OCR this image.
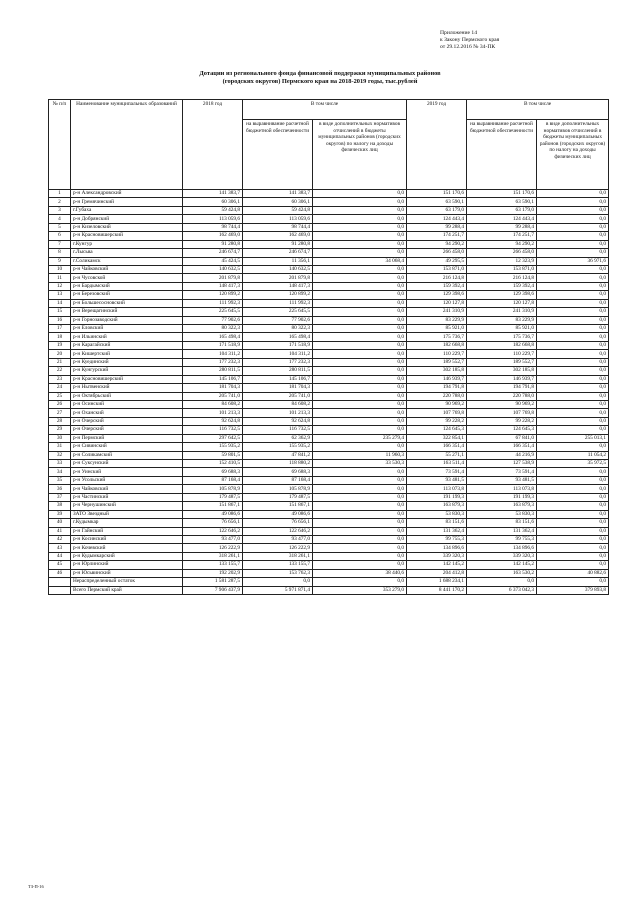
Приложение 14
к Закону Пермского края
от 29.12.2016 № 34-ПК
Дотации из регионального фонда финансовой поддержки муниципальных районов
(городских округов) Пермского края на 2018-2019 годы, тыс.рублей
№ п/п	Наименование муниципальных образований	2018 год	В том числе		2019 год	В том числе	
			на выравнивание расчетной бюджетной обеспеченности	в виде дополнительных нормативов отчислений в бюджеты муниципальных районов (городских округов) по налогу на доходы физических лиц		на выравнивание расчетной бюджетной обеспеченности	в виде дополнительных нормативов отчислений в бюджеты муниципальных районов (городских округов) по налогу на доходы физических лиц
1	р-н Александровский	141 383,7	141 383,7	0,0	151 170,6	151 170,6	0,0
2	р-н Гремячинский	60 306,1	60 306,1	0,0	63 590,1	63 590,1	0,0
3	г.Губаха	59 424,8	59 424,8	0,0	63 179,0	63 179,0	0,0
4	р-н Добрянский	113 059,6	113 059,6	0,0	124 443,4	124 443,4	0,0
5	р-н Кизеловский	98 744,4	98 744,4	0,0	99 288,4	99 288,4	0,0
6	р-н Красновишерский	162 469,0	162 469,0	0,0	174 251,7	174 251,7	0,0
7	г.Кунгур	91 280,8	91 280,8	0,0	94 290,2	94 290,2	0,0
8	г.Лысьва	246 674,7	246 674,7	0,0	266 458,0	266 458,0	0,0
9	г.Соликамск	45 424,5	11 356,1	34 068,4	49 295,5	12 323,9	36 971,6
10	р-н Чайковский	140 632,5	140 632,5	0,0	153 871,0	153 871,0	0,0
11	р-н Чусовской	201 879,8	201 879,8	0,0	216 124,8	216 124,8	0,0
12	р-н Бардымский	148 417,3	148 417,3	0,0	159 392,4	159 392,4	0,0
13	р-н Березовский	120 899,2	120 899,2	0,0	129 398,6	129 398,6	0,0
14	р-н Большесосновский	111 992,3	111 992,3	0,0	120 127,8	120 127,8	0,0
15	р-н Верещагинский	225 645,5	225 645,5	0,0	241 310,9	241 310,9	0,0
16	р-н Горнозаводский	77 902,6	77 902,6	0,0	83 229,9	83 229,9	0,0
17	р-н Еловский	80 322,3	80 322,3	0,0	85 921,0	85 921,0	0,0
18	р-н Ильинский	165 498,4	165 498,4	0,0	175 736,7	175 736,7	0,0
19	р-н Карагайский	171 518,9	171 518,9	0,0	182 668,8	182 668,8	0,0
20	р-н Кишертский	104 311,2	104 311,2	0,0	110 229,7	110 229,7	0,0
21	р-н Куединский	177 232,3	177 232,3	0,0	189 552,7	189 552,7	0,0
22	р-н Кунгурский	280 811,5	280 811,5	0,0	302 185,8	302 185,8	0,0
23	р-н Красновишерский	145 106,7	145 106,7	0,0	146 939,7	146 939,7	0,0
24	р-н Нытвенский	181 704,3	181 704,3	0,0	194 791,8	194 791,8	0,0
25	р-н Октябрьский	205 741,0	205 741,0	0,0	220 788,0	220 788,0	0,0
26	р-н Осинский	84 608,2	84 608,2	0,0	90 969,2	90 969,2	0,0
27	р-н Оханский	101 213,3	101 213,3	0,0	107 769,8	107 769,8	0,0
28	р-н Очерский	92 624,8	92 624,8	0,0	99 228,2	99 228,2	0,0
29	р-н Очерский	116 732,5	116 732,5	0,0	124 645,3	124 645,3	0,0
30	р-н Пермский	297 642,5	62 362,9	235 279,4	322 854,1	67 841,0	255 013,1
31	р-н Сивинский	155 935,2	155 935,2	0,0	166 351,4	166 351,4	0,0
32	р-н Соликамский	59 801,5	47 841,2	11 960,3	55 271,1	44 216,9	11 054,2
33	р-н Суксунский	152 410,5	118 880,2	33 530,3	163 511,4	127 538,9	35 972,5
34	р-н Уинский	69 688,3	69 688,3	0,0	73 591,4	73 591,4	0,0
35	р-н Усольский	87 168,4	87 168,4	0,0	93 481,5	93 481,5	0,0
36	р-н Чайковский	105 878,9	105 878,9	0,0	113 073,8	113 073,8	0,0
37	р-н Частинский	179 487,5	179 487,5	0,0	191 199,3	191 199,3	0,0
38	р-н Чернушинский	151 867,1	151 867,1	0,0	163 879,3	163 879,3	0,0
39	ЗАТО Звездный	49 086,6	49 086,6	0,0	53 830,3	53 830,3	0,0
40	г.Кудымкар	76 656,1	76 656,1	0,0	83 151,6	83 151,6	0,0
41	р-н Гайнский	122 646,2	122 646,2	0,0	131 362,4	131 362,4	0,0
42	р-н Косинский	93 477,0	93 477,0	0,0	99 755,3	99 755,3	0,0
43	р-н Кочевский	126 222,9	126 222,9	0,0	134 896,6	134 896,6	0,0
44	р-н Кудымкарский	318 261,1	318 261,1	0,0	339 320,3	339 320,3	0,0
45	р-н Юрлинский	133 155,7	133 155,7	0,0	142 145,2	142 145,2	0,0
46	р-н Юсьвинский	192 202,9	153 762,3	38 440,6	204 412,8	163 530,2	40 882,6
	Нераспределенный остаток	1 581 287,5	0,0	0,0	1 688 234,1	0,0	0,0
	Всего Пермский край	7 906 437,9	5 971 871,4	353 279,0	8 441 170,2	6 373 042,3	379 893,8
ТЗ-П-16
